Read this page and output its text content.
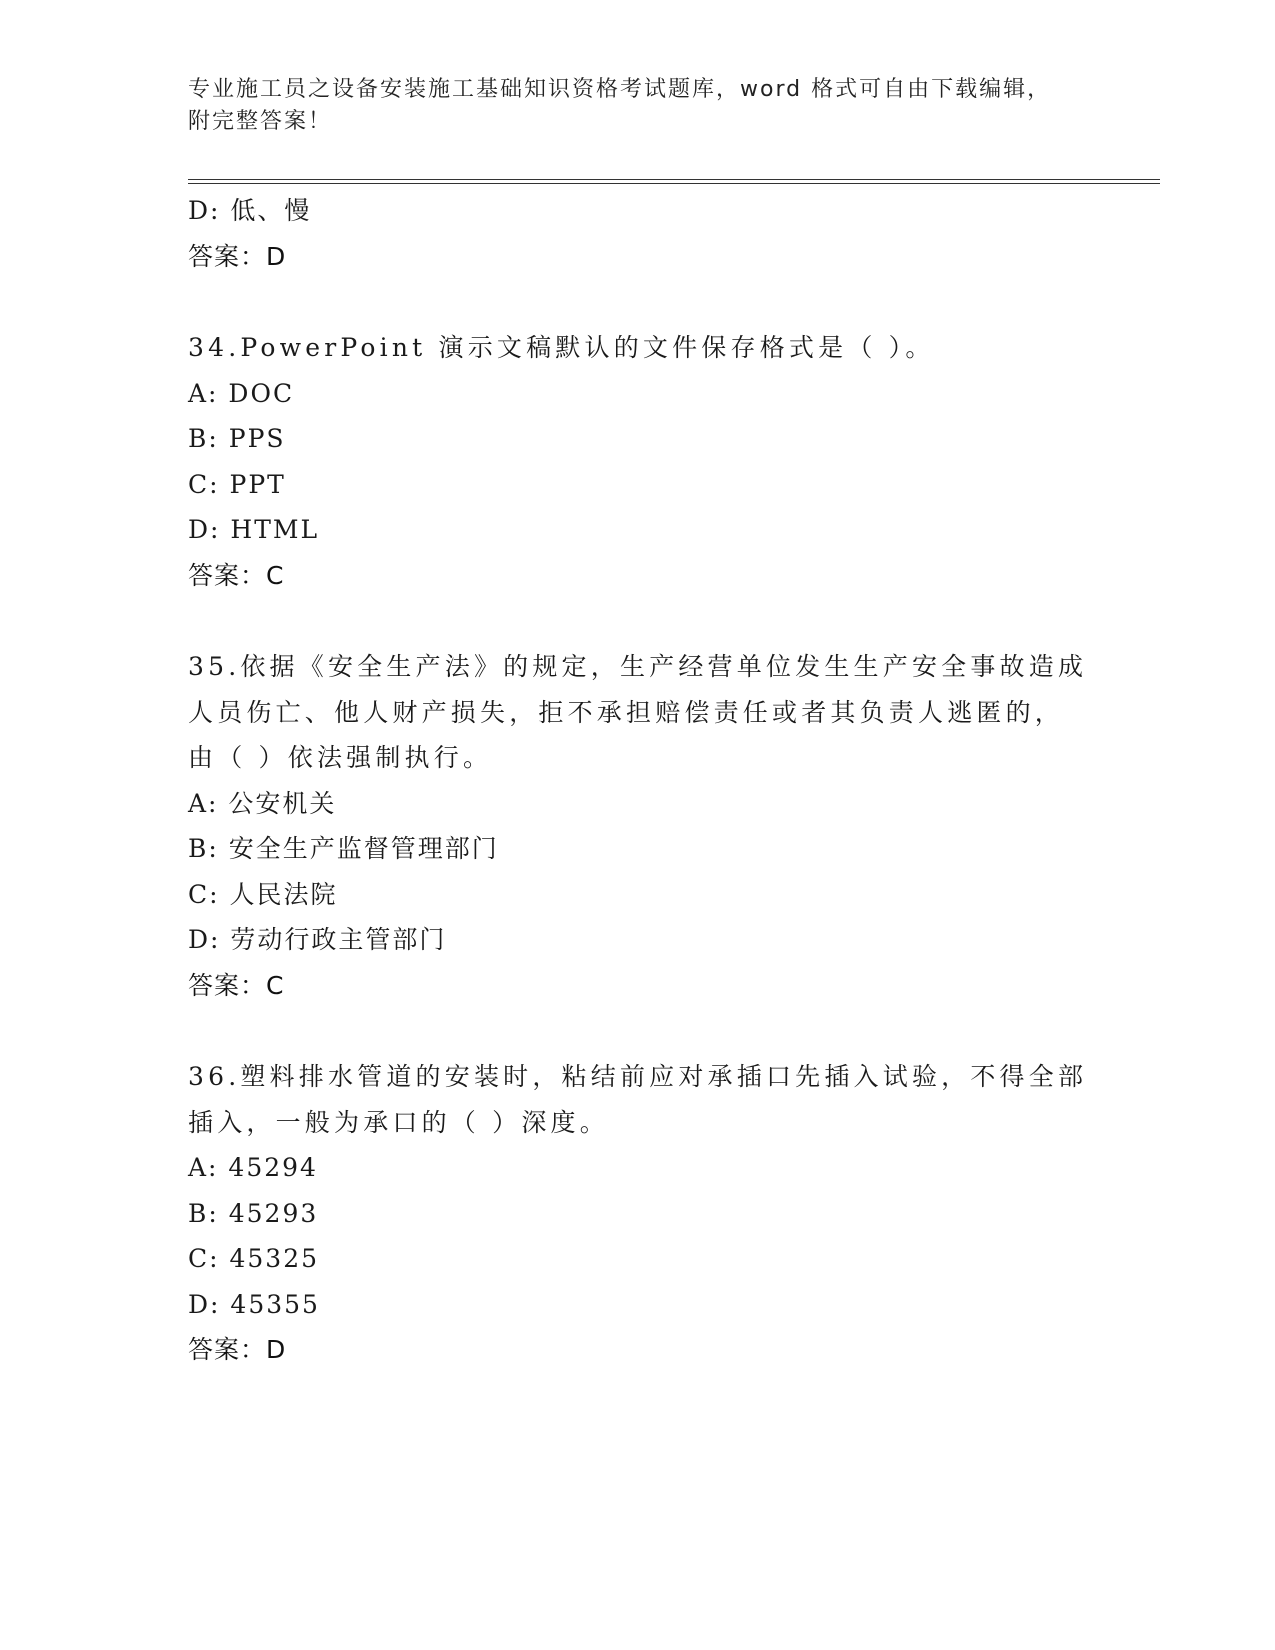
专业施工员之设备安装施工基础知识资格考试题库，word 格式可自由下载编辑，
附完整答案！
D: 低、慢
答案：D
34.PowerPoint 演示文稿默认的文件保存格式是（ ）。
A: DOC
B: PPS
C: PPT
D: HTML
答案：C
35.依据《安全生产法》的规定，生产经营单位发生生产安全事故造成人员伤亡、他人财产损失，拒不承担赔偿责任或者其负责人逃匿的，由（ ）依法强制执行。
A: 公安机关
B: 安全生产监督管理部门
C: 人民法院
D: 劳动行政主管部门
答案：C
36.塑料排水管道的安装时，粘结前应对承插口先插入试验，不得全部插入，一般为承口的（ ）深度。
A: 45294
B: 45293
C: 45325
D: 45355
答案：D
